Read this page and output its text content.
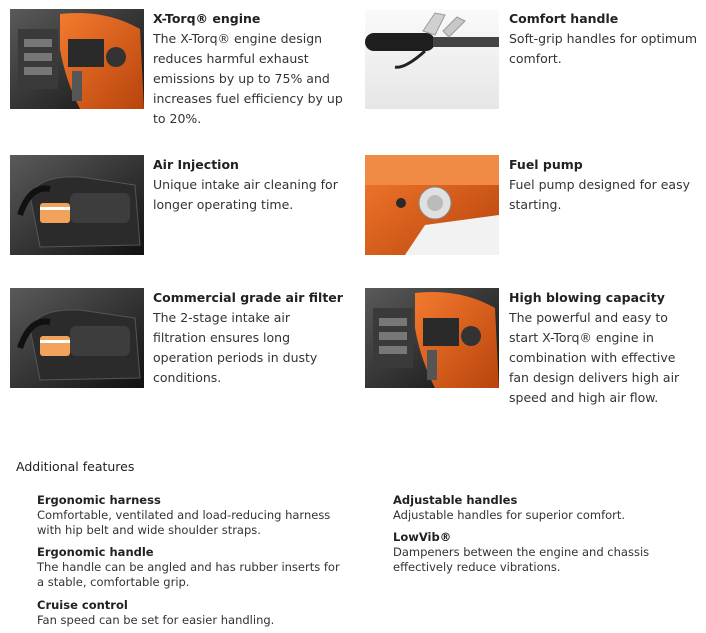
X-Torq® engine
The X-Torq® engine design reduces harmful exhaust emissions by up to 75% and increases fuel efficiency by up to 20%.
Comfort handle
Soft-grip handles for optimum comfort.
Air Injection
Unique intake air cleaning for longer operating time.
Fuel pump
Fuel pump designed for easy starting.
Commercial grade air filter
The 2-stage intake air filtration ensures long operation periods in dusty conditions.
High blowing capacity
The powerful and easy to start X-Torq® engine in combination with effective fan design delivers high air speed and high air flow.
Additional features
Ergonomic harness
Comfortable, ventilated and load-reducing harness with hip belt and wide shoulder straps.
Ergonomic handle
The handle can be angled and has rubber inserts for a stable, comfortable grip.
Cruise control
Fan speed can be set for easier handling.
Adjustable handles
Adjustable handles for superior comfort.
LowVib®
Dampeners between the engine and chassis effectively reduce vibrations.
